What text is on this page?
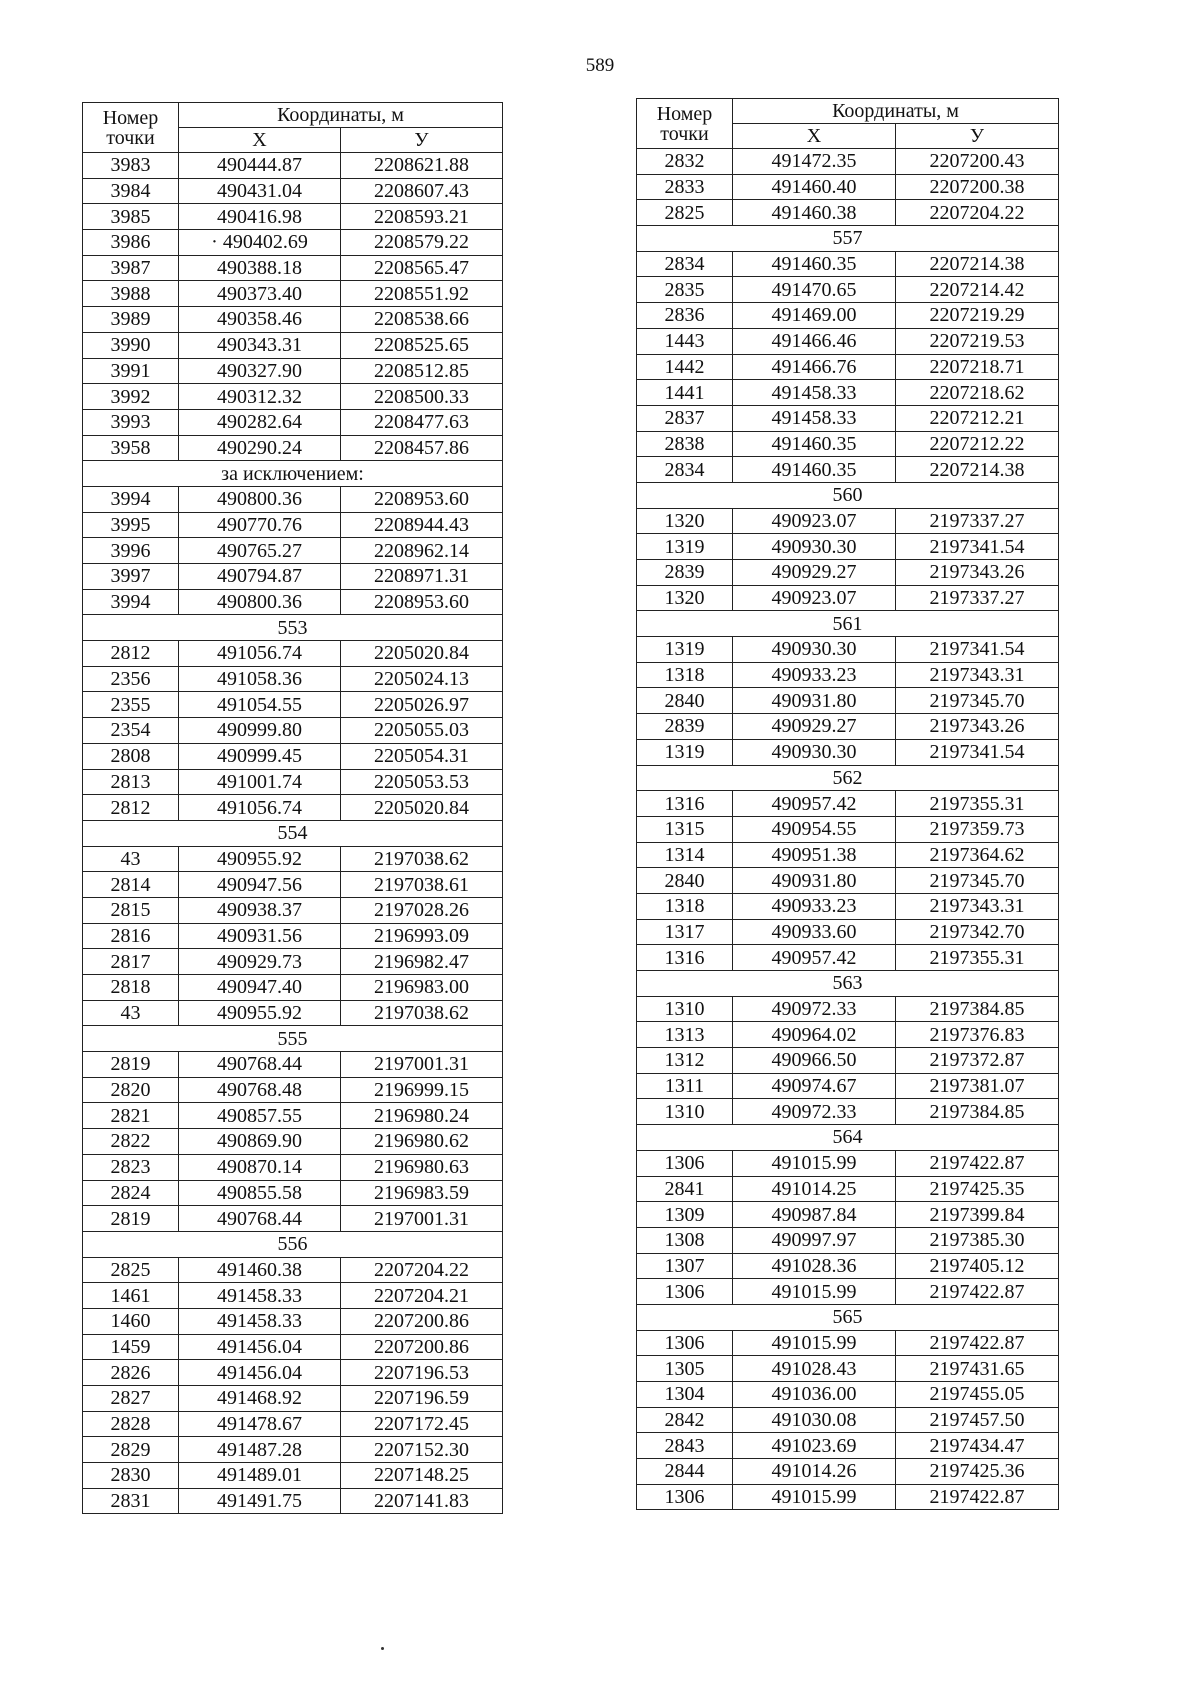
589
Номер
точки	Координаты, м	
	Х	У
3983	490444.87	2208621.88
3984	490431.04	2208607.43
3985	490416.98	2208593.21
3986	· 490402.69	2208579.22
3987	490388.18	2208565.47
3988	490373.40	2208551.92
3989	490358.46	2208538.66
3990	490343.31	2208525.65
3991	490327.90	2208512.85
3992	490312.32	2208500.33
3993	490282.64	2208477.63
3958	490290.24	2208457.86
за исключением:		
3994	490800.36	2208953.60
3995	490770.76	2208944.43
3996	490765.27	2208962.14
3997	490794.87	2208971.31
3994	490800.36	2208953.60
553		
2812	491056.74	2205020.84
2356	491058.36	2205024.13
2355	491054.55	2205026.97
2354	490999.80	2205055.03
2808	490999.45	2205054.31
2813	491001.74	2205053.53
2812	491056.74	2205020.84
554		
43	490955.92	2197038.62
2814	490947.56	2197038.61
2815	490938.37	2197028.26
2816	490931.56	2196993.09
2817	490929.73	2196982.47
2818	490947.40	2196983.00
43	490955.92	2197038.62
555		
2819	490768.44	2197001.31
2820	490768.48	2196999.15
2821	490857.55	2196980.24
2822	490869.90	2196980.62
2823	490870.14	2196980.63
2824	490855.58	2196983.59
2819	490768.44	2197001.31
556		
2825	491460.38	2207204.22
1461	491458.33	2207204.21
1460	491458.33	2207200.86
1459	491456.04	2207200.86
2826	491456.04	2207196.53
2827	491468.92	2207196.59
2828	491478.67	2207172.45
2829	491487.28	2207152.30
2830	491489.01	2207148.25
2831	491491.75	2207141.83
Номер
точки	Координаты, м	
	Х	У
2832	491472.35	2207200.43
2833	491460.40	2207200.38
2825	491460.38	2207204.22
557		
2834	491460.35	2207214.38
2835	491470.65	2207214.42
2836	491469.00	2207219.29
1443	491466.46	2207219.53
1442	491466.76	2207218.71
1441	491458.33	2207218.62
2837	491458.33	2207212.21
2838	491460.35	2207212.22
2834	491460.35	2207214.38
560		
1320	490923.07	2197337.27
1319	490930.30	2197341.54
2839	490929.27	2197343.26
1320	490923.07	2197337.27
561		
1319	490930.30	2197341.54
1318	490933.23	2197343.31
2840	490931.80	2197345.70
2839	490929.27	2197343.26
1319	490930.30	2197341.54
562		
1316	490957.42	2197355.31
1315	490954.55	2197359.73
1314	490951.38	2197364.62
2840	490931.80	2197345.70
1318	490933.23	2197343.31
1317	490933.60	2197342.70
1316	490957.42	2197355.31
563		
1310	490972.33	2197384.85
1313	490964.02	2197376.83
1312	490966.50	2197372.87
1311	490974.67	2197381.07
1310	490972.33	2197384.85
564		
1306	491015.99	2197422.87
2841	491014.25	2197425.35
1309	490987.84	2197399.84
1308	490997.97	2197385.30
1307	491028.36	2197405.12
1306	491015.99	2197422.87
565		
1306	491015.99	2197422.87
1305	491028.43	2197431.65
1304	491036.00	2197455.05
2842	491030.08	2197457.50
2843	491023.69	2197434.47
2844	491014.26	2197425.36
1306	491015.99	2197422.87
